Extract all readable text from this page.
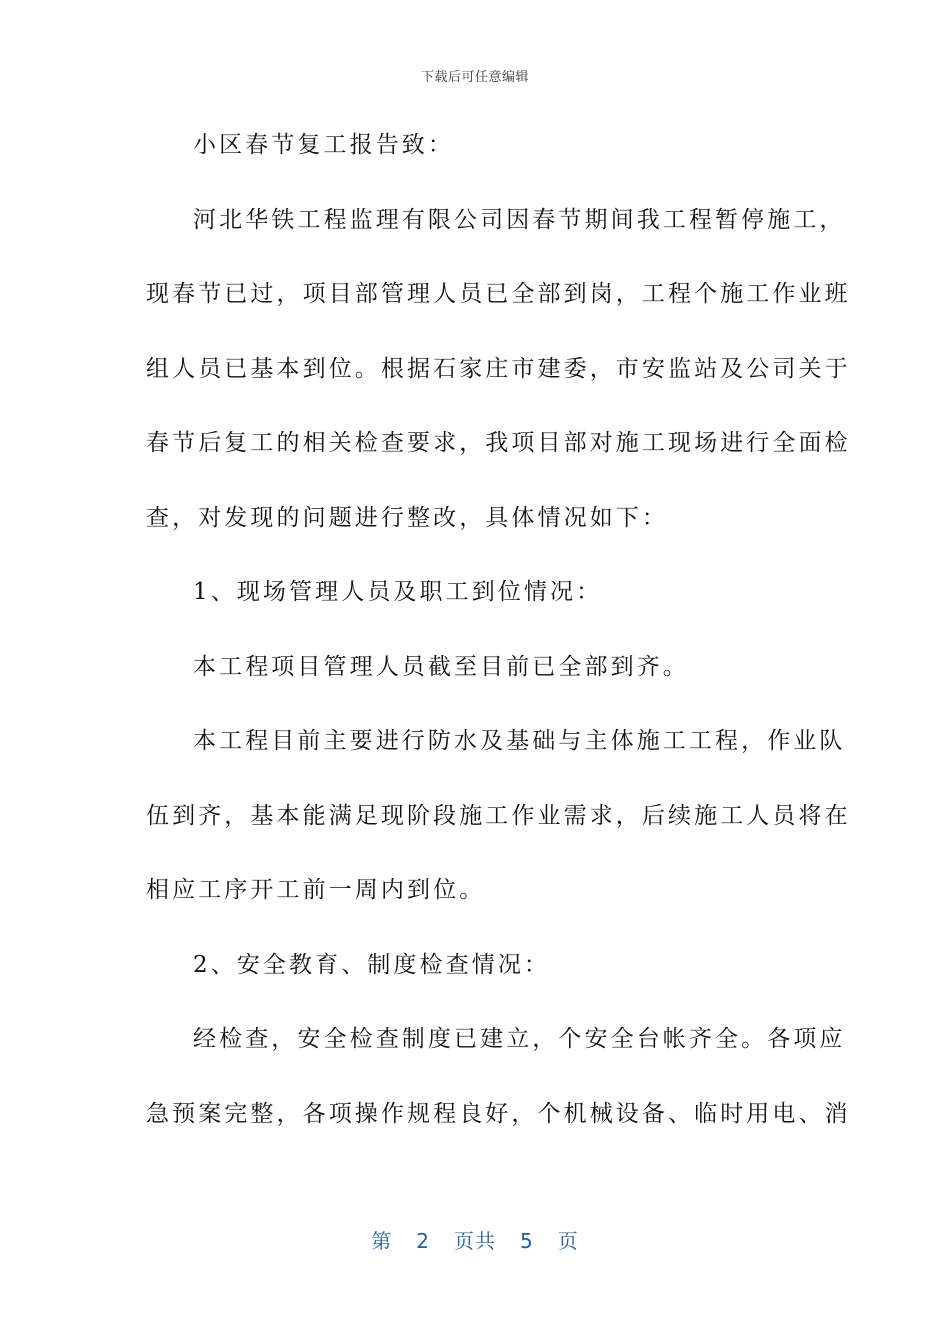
下载后可任意编辑
小区春节复工报告致：
河北华铁工程监理有限公司因春节期间我工程暂停施工，
现春节已过，项目部管理人员已全部到岗，工程个施工作业班
组人员已基本到位。根据石家庄市建委，市安监站及公司关于
春节后复工的相关检查要求，我项目部对施工现场进行全面检
查，对发现的问题进行整改，具体情况如下：
1、现场管理人员及职工到位情况：
本工程项目管理人员截至目前已全部到齐。
本工程目前主要进行防水及基础与主体施工工程，作业队
伍到齐，基本能满足现阶段施工作业需求，后续施工人员将在
相应工序开工前一周内到位。
2、安全教育、制度检查情况：
经检查，安全检查制度已建立，个安全台帐齐全。各项应
急预案完整，各项操作规程良好，个机械设备、临时用电、消
第 2 页共 5 页
